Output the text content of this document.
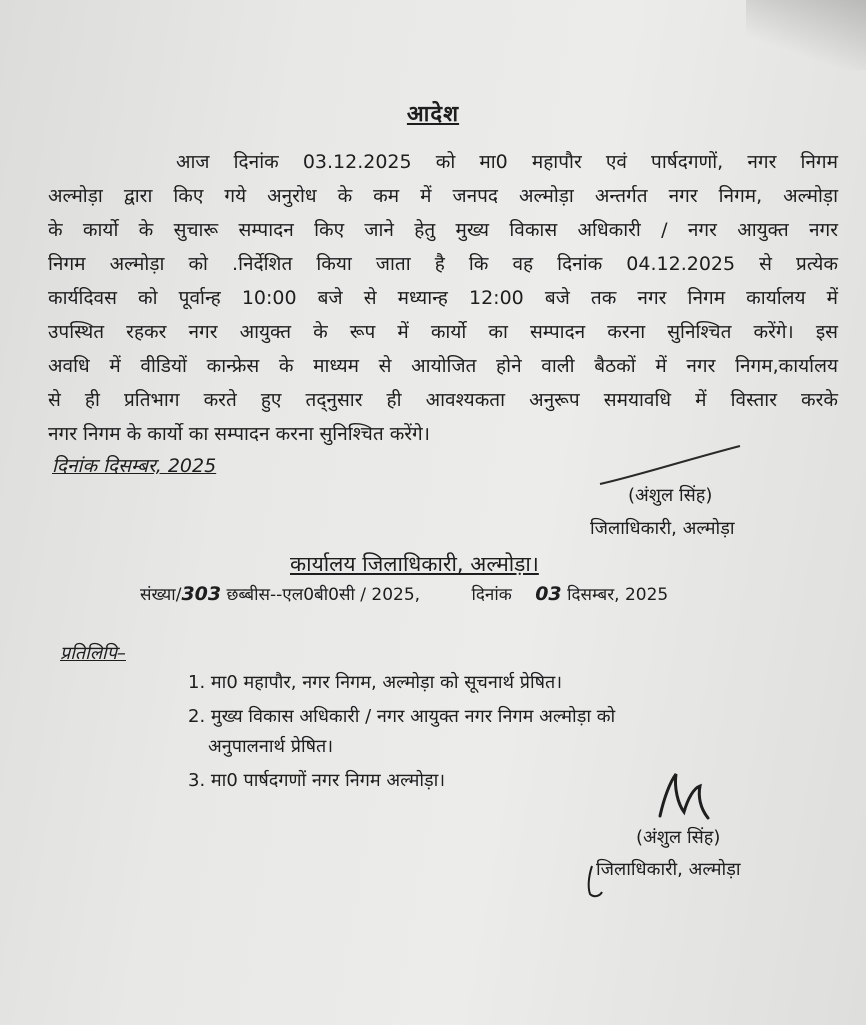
आदेश
आज दिनांक 03.12.2025 को मा0 महापौर एवं पार्षदगणों, नगर निगम
अल्मोड़ा द्वारा किए गये अनुरोध के कम में जनपद अल्मोड़ा अन्तर्गत नगर निगम, अल्मोड़ा
के कार्यो के सुचारू सम्पादन किए जाने हेतु मुख्य विकास अधिकारी / नगर आयुक्त नगर
निगम अल्मोड़ा को .निर्देशित किया जाता है कि वह दिनांक 04.12.2025 से प्रत्येक
कार्यदिवस को पूर्वान्ह 10:00 बजे से मध्यान्ह 12:00 बजे तक नगर निगम कार्यालय में
उपस्थित रहकर नगर आयुक्त के रूप में कार्यो का सम्पादन करना सुनिश्चित करेंगे। इस
अवधि में वीडियों कान्फ्रेस के माध्यम से आयोजित होने वाली बैठकों में नगर निगम,कार्यालय
से ही प्रतिभाग करते हुए तद्नुसार ही आवश्यकता अनुरूप समयावधि में विस्तार करके
नगर निगम के कार्यो का सम्पादन करना सुनिश्चित करेंगे।
दिनांक दिसम्बर, 2025
(अंशुल सिंह)
जिलाधिकारी, अल्मोड़ा
कार्यालय जिलाधिकारी, अल्मोड़ा।
संख्या/303 छब्बीस--एल0बी0सी / 2025,	दिनांक 03 दिसम्बर, 2025
प्रतिलिपि–
1. मा0 महापौर, नगर निगम, अल्मोड़ा को सूचनार्थ प्रेषित।
2. मुख्य विकास अधिकारी / नगर आयुक्त नगर निगम अल्मोड़ा को
अनुपालनार्थ प्रेषित।
3. मा0 पार्षदगणों नगर निगम अल्मोड़ा।
(अंशुल सिंह)
जिलाधिकारी, अल्मोड़ा
